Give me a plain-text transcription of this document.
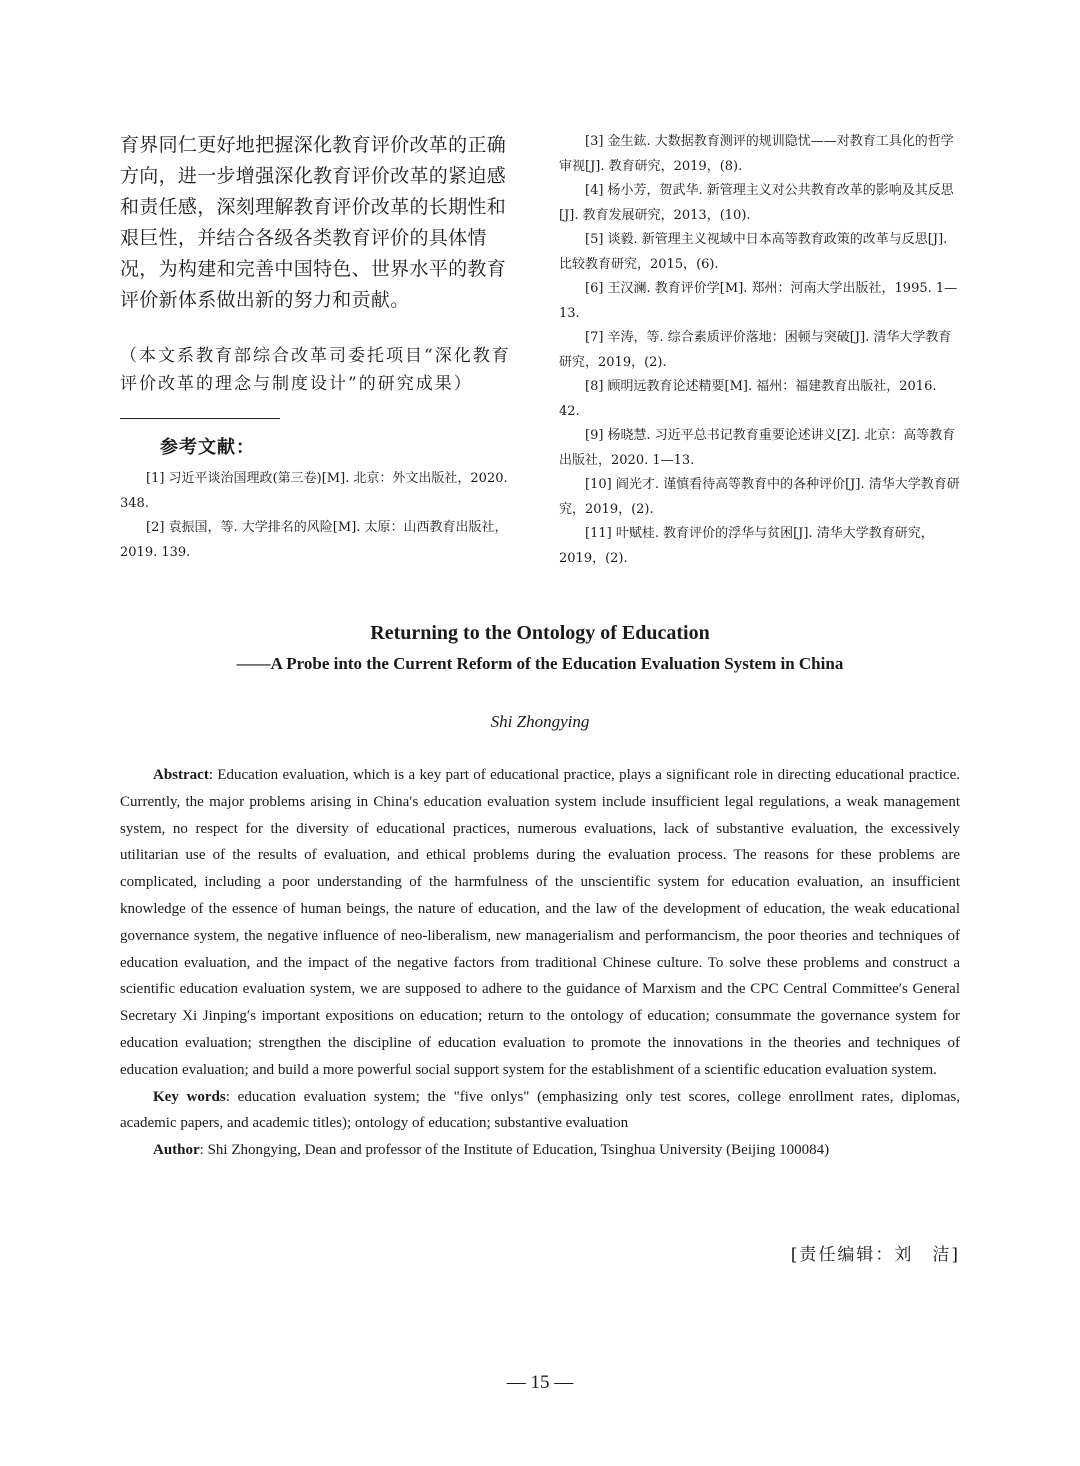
育界同仁更好地把握深化教育评价改革的正确方向，进一步增强深化教育评价改革的紧迫感和责任感，深刻理解教育评价改革的长期性和艰巨性，并结合各级各类教育评价的具体情况，为构建和完善中国特色、世界水平的教育评价新体系做出新的努力和贡献。

（本文系教育部综合改革司委托项目“深化教育评价改革的理念与制度设计”的研究成果）

参考文献：

[1] 习近平谈治国理政(第三卷)[M]. 北京：外文出版社，2020. 348.

[2] 袁振国，等. 大学排名的风险[M]. 太原：山西教育出版社，2019. 139.

[3] 金生鈜. 大数据教育测评的规训隐忧——对教育工具化的哲学审视[J]. 教育研究，2019，(8).

[4] 杨小芳，贺武华. 新管理主义对公共教育改革的影响及其反思[J]. 教育发展研究，2013，(10).

[5] 谈毅. 新管理主义视域中日本高等教育政策的改革与反思[J]. 比较教育研究，2015，(6).

[6] 王汉澜. 教育评价学[M]. 郑州：河南大学出版社，1995. 1—13.

[7] 辛涛，等. 综合素质评价落地：困顿与突破[J]. 清华大学教育研究，2019，(2).

[8] 顾明远教育论述精要[M]. 福州：福建教育出版社，2016. 42.

[9] 杨晓慧. 习近平总书记教育重要论述讲义[Z]. 北京：高等教育出版社，2020. 1—13.

[10] 阎光才. 谨慎看待高等教育中的各种评价[J]. 清华大学教育研究，2019，(2).

[11] 叶赋桂. 教育评价的浮华与贫困[J]. 清华大学教育研究，2019，(2).

Returning to the Ontology of Education
——A Probe into the Current Reform of the Education Evaluation System in China
Shi Zhongying

Abstract: Education evaluation, which is a key part of educational practice, plays a significant role in directing educational practice. Currently, the major problems arising in China′s education evaluation system include insufficient legal regulations, a weak management system, no respect for the diversity of educational practices, numerous evaluations, lack of substantive evaluation, the excessively utilitarian use of the results of evaluation, and ethical problems during the evaluation process. The reasons for these problems are complicated, including a poor understanding of the harmfulness of the unscientific system for education evaluation, an insufficient knowledge of the essence of human beings, the nature of education, and the law of the development of education, the weak educational governance system, the negative influence of neo-liberalism, new managerialism and performancism, the poor theories and techniques of education evaluation, and the impact of the negative factors from traditional Chinese culture. To solve these problems and construct a scientific education evaluation system, we are supposed to adhere to the guidance of Marxism and the CPC Central Committee′s General Secretary Xi Jinping′s important expositions on education; return to the ontology of education; consummate the governance system for education evaluation; strengthen the discipline of education evaluation to promote the innovations in the theories and techniques of education evaluation; and build a more powerful social support system for the establishment of a scientific education evaluation system.

Key words: education evaluation system; the "five onlys" (emphasizing only test scores, college enrollment rates, diplomas, academic papers, and academic titles); ontology of education; substantive evaluation

Author: Shi Zhongying, Dean and professor of the Institute of Education, Tsinghua University (Beijing 100084)

[责任编辑：刘　洁]
— 15 —
